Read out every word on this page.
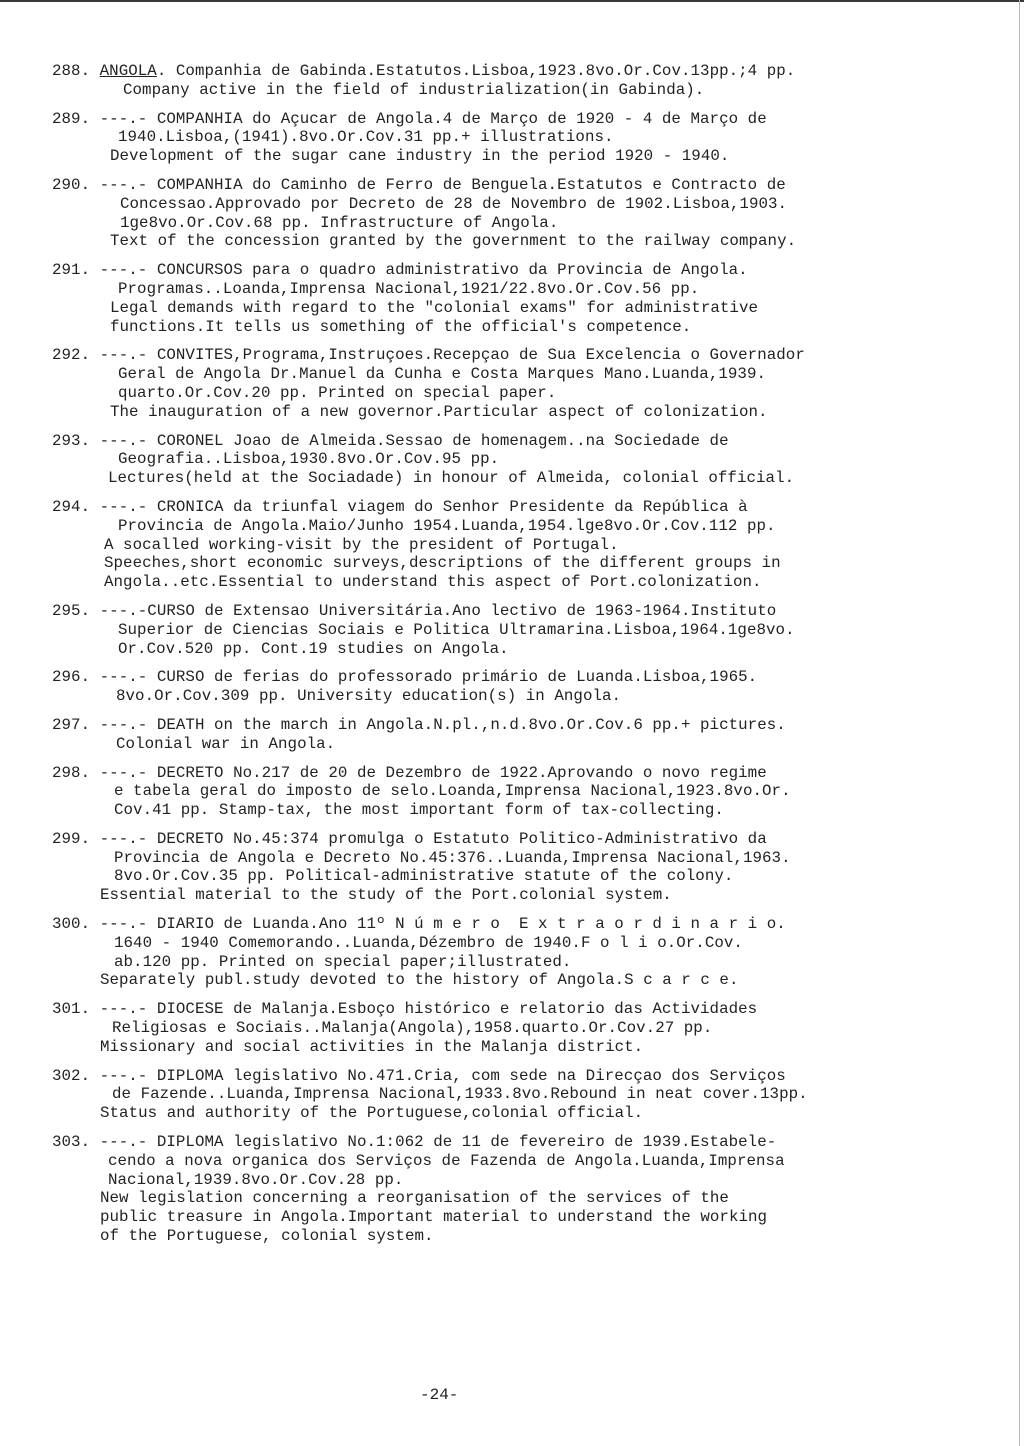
288. ANGOLA. Companhia de Gabinda.Estatutos.Lisboa,1923.8vo.Or.Cov.13pp.;4 pp.
Company active in the field of industrialization(in Gabinda).
289. ---.- COMPANHIA do Açucar de Angola.4 de Março de 1920 - 4 de Março de
1940.Lisboa,(1941).8vo.Or.Cov.31 pp.+ illustrations.
Development of the sugar cane industry in the period 1920 - 1940.
290. ---.- COMPANHIA do Caminho de Ferro de Benguela.Estatutos e Contracto de
Concessao.Approvado por Decreto de 28 de Novembro de 1902.Lisboa,1903.
1ge8vo.Or.Cov.68 pp. Infrastructure of Angola.
Text of the concession granted by the government to the railway company.
291. ---.- CONCURSOS para o quadro administrativo da Provincia de Angola.
Programas..Loanda,Imprensa Nacional,1921/22.8vo.Or.Cov.56 pp.
Legal demands with regard to the "colonial exams" for administrative
functions.It tells us something of the official's competence.
292. ---.- CONVITES,Programa,Instruçoes.Recepçao de Sua Excelencia o Governador
Geral de Angola Dr.Manuel da Cunha e Costa Marques Mano.Luanda,1939.
quarto.Or.Cov.20 pp. Printed on special paper.
The inauguration of a new governor.Particular aspect of colonization.
293. ---.- CORONEL Joao de Almeida.Sessao de homenagem..na Sociedade de
Geografia..Lisboa,1930.8vo.Or.Cov.95 pp.
Lectures(held at the Sociadade) in honour of Almeida, colonial official.
294. ---.- CRONICA da triunfal viagem do Senhor Presidente da República à
Provincia de Angola.Maio/Junho 1954.Luanda,1954.lge8vo.Or.Cov.112 pp.
A socalled working-visit by the president of Portugal.
Speeches,short economic surveys,descriptions of the different groups in
Angola..etc.Essential to understand this aspect of Port.colonization.
295. ---.-CURSO de Extensao Universitária.Ano lectivo de 1963-1964.Instituto
Superior de Ciencias Sociais e Politica Ultramarina.Lisboa,1964.1ge8vo.
Or.Cov.520 pp. Cont.19 studies on Angola.
296. ---.- CURSO de ferias do professorado primário de Luanda.Lisboa,1965.
8vo.Or.Cov.309 pp. University education(s) in Angola.
297. ---.- DEATH on the march in Angola.N.pl.,n.d.8vo.Or.Cov.6 pp.+ pictures.
Colonial war in Angola.
298. ---.- DECRETO No.217 de 20 de Dezembro de 1922.Aprovando o novo regime
e tabela geral do imposto de selo.Loanda,Imprensa Nacional,1923.8vo.Or.
Cov.41 pp. Stamp-tax, the most important form of tax-collecting.
299. ---.- DECRETO No.45:374 promulga o Estatuto Politico-Administrativo da
Provincia de Angola e Decreto No.45:376..Luanda,Imprensa Nacional,1963.
8vo.Or.Cov.35 pp. Political-administrative statute of the colony.
Essential material to the study of the Port.colonial system.
300. ---.- DIARIO de Luanda.Ano 11º N ú m e r o  E x t r a o r d i n a r i o.
1640 - 1940 Comemorando..Luanda,Dézembro de 1940.F o l i o.Or.Cov.
ab.120 pp. Printed on special paper;illustrated.
Separately publ.study devoted to the history of Angola.S c a r c e.
301. ---.- DIOCESE de Malanja.Esboço histórico e relatorio das Actividades
Religiosas e Sociais..Malanja(Angola),1958.quarto.Or.Cov.27 pp.
Missionary and social activities in the Malanja district.
302. ---.- DIPLOMA legislativo No.471.Cria, com sede na Direcçao dos Serviços
de Fazende..Luanda,Imprensa Nacional,1933.8vo.Rebound in neat cover.13pp.
Status and authority of the Portuguese,colonial official.
303. ---.- DIPLOMA legislativo No.1:062 de 11 de fevereiro de 1939.Estabele-
cendo a nova organica dos Serviços de Fazenda de Angola.Luanda,Imprensa
Nacional,1939.8vo.Or.Cov.28 pp.
New legislation concerning a reorganisation of the services of the
public treasure in Angola.Important material to understand the working
of the Portuguese, colonial system.
-24-
